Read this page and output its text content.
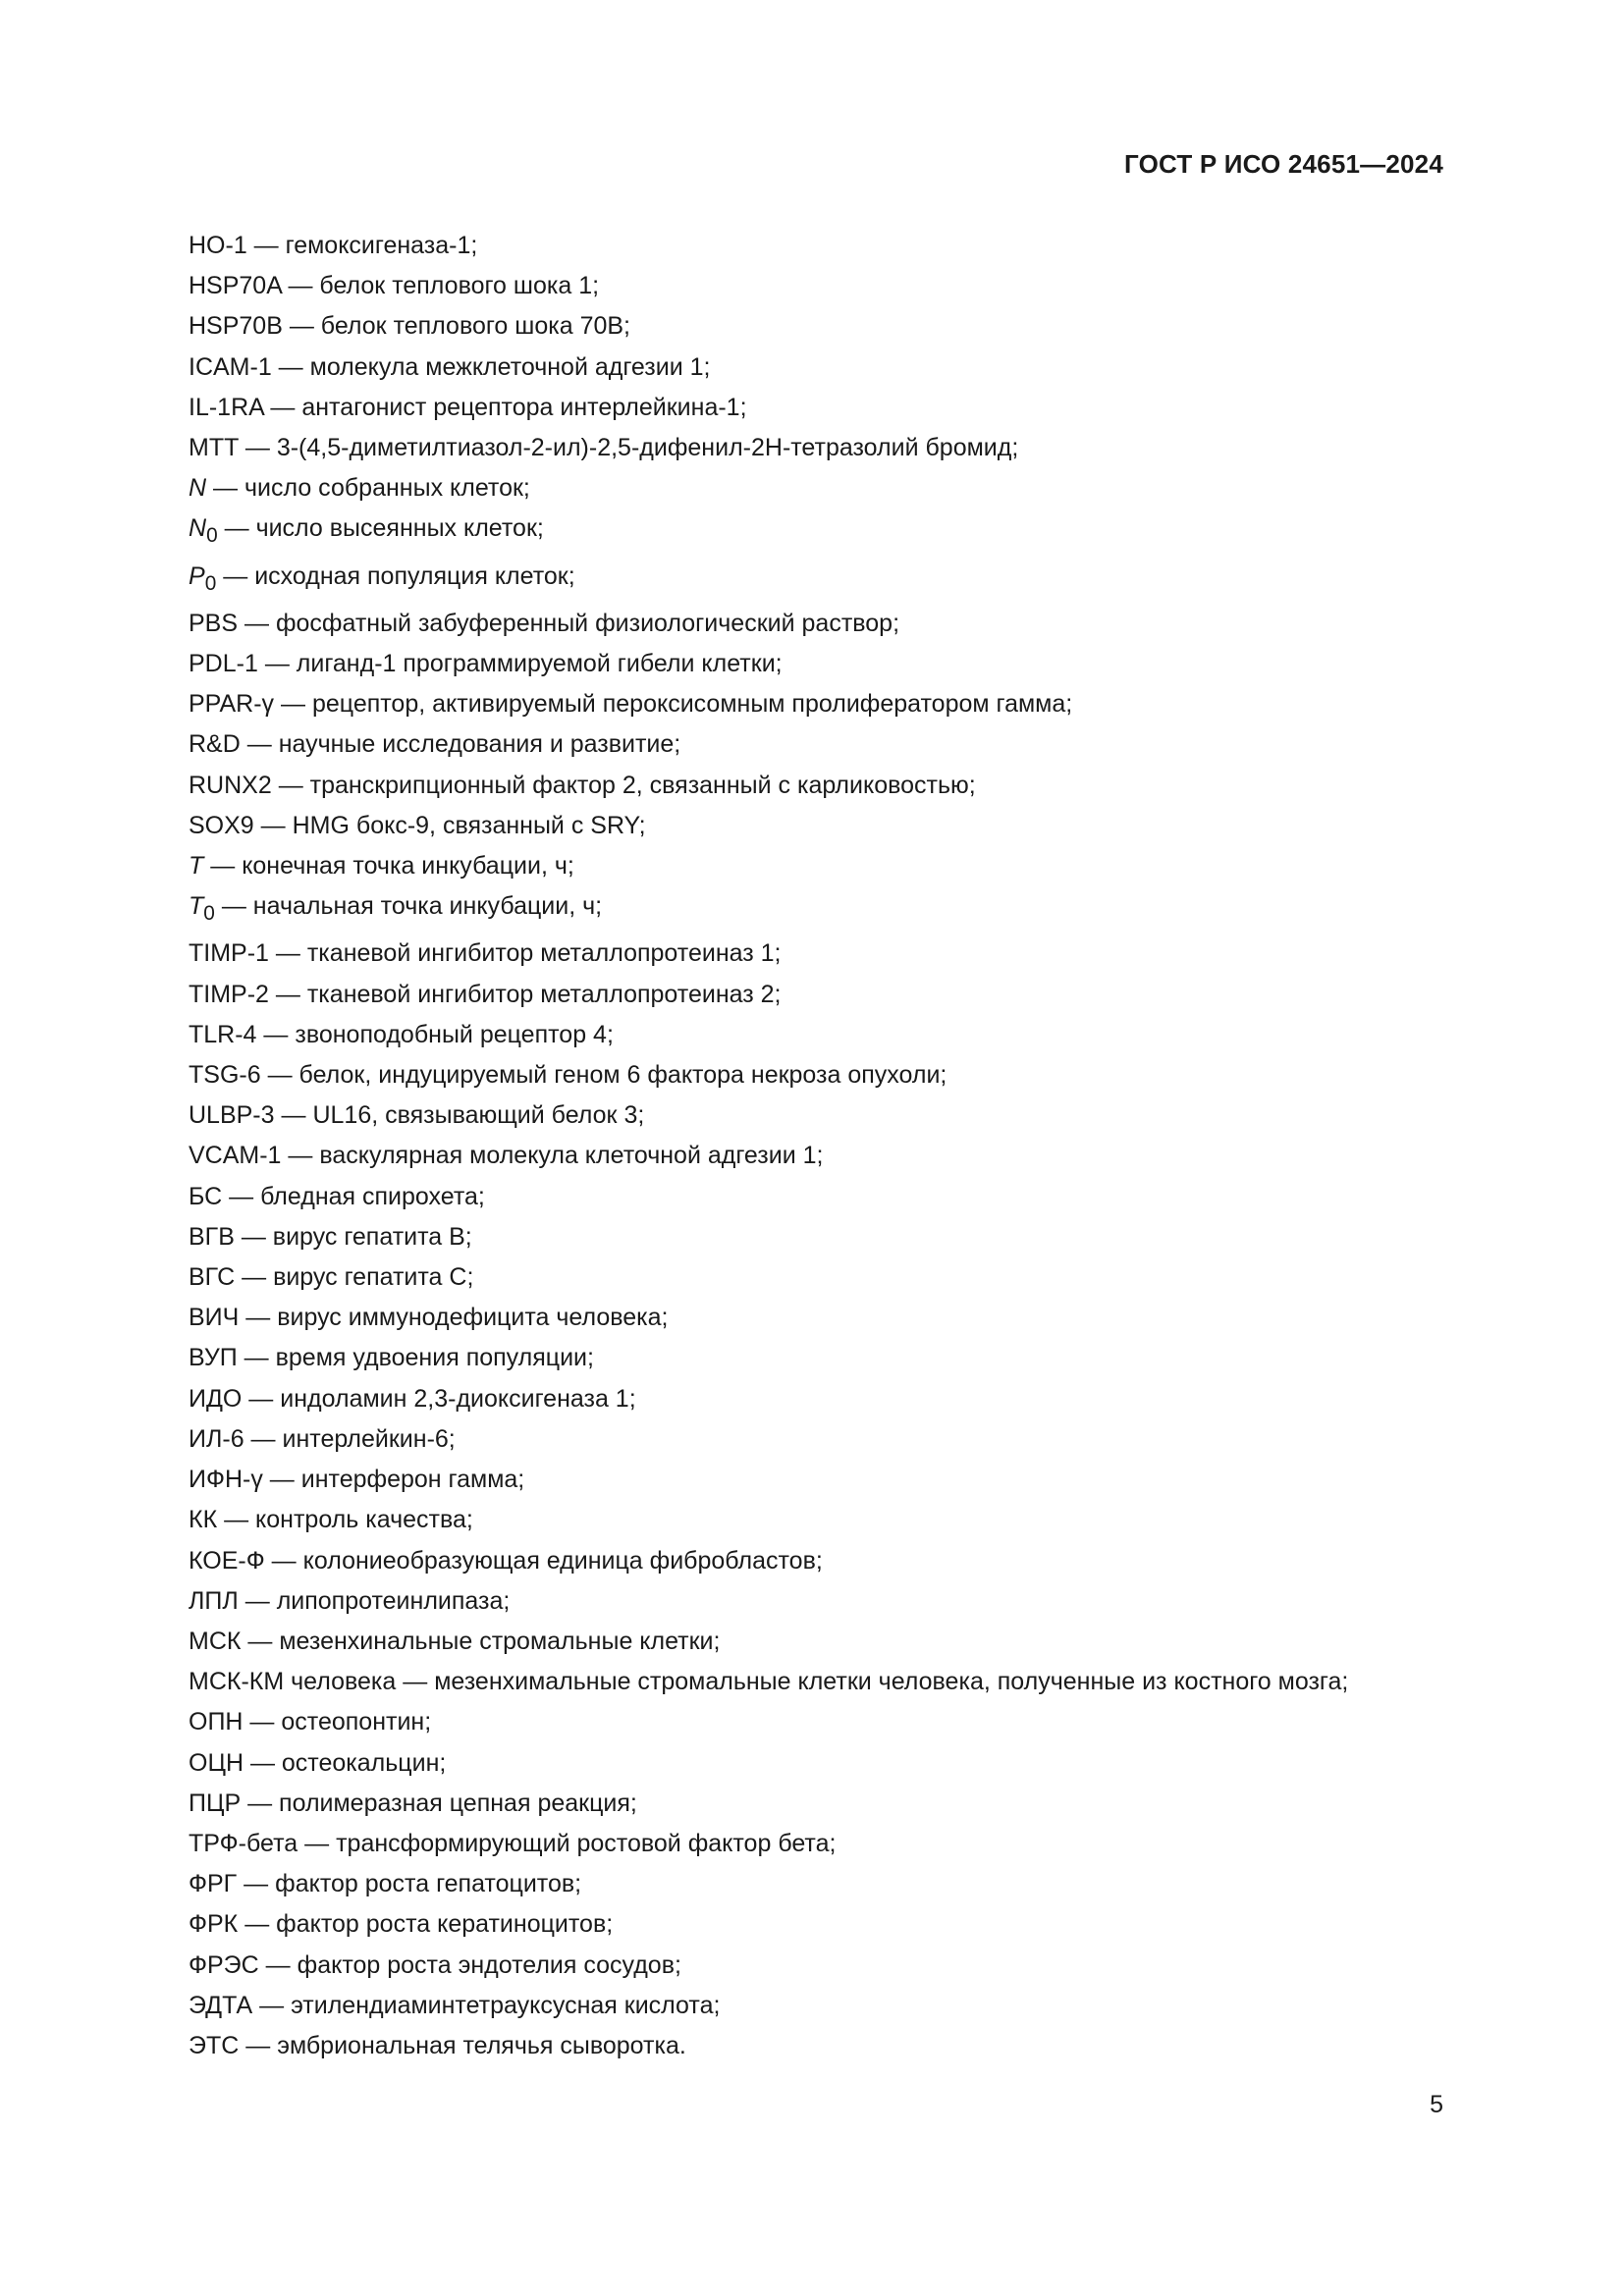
ГОСТ Р ИСО 24651—2024

НО-1 — гемоксигеназа-1;

HSP70A — белок теплового шока 1;

HSP70B — белок теплового шока 70В;

ICAM-1 — молекула межклеточной адгезии 1;

IL-1RA — антагонист рецептора интерлейкина-1;

MTT — 3-(4,5-диметилтиазол-2-ил)-2,5-дифенил-2Н-тетразолий бромид;

N — число собранных клеток;

$N_0$ — число высеянных клеток;

$P_0$ — исходная популяция клеток;

PBS — фосфатный забуференный физиологический раствор;

PDL-1 — лиганд-1 программируемой гибели клетки;

PPAR-γ — рецептор, активируемый пероксисомным пролифератором гамма;

R&D — научные исследования и развитие;

RUNX2 — транскрипционный фактор 2, связанный с карликовостью;

SOX9 — HMG бокс-9, связанный с SRY;

T — конечная точка инкубации, ч;

$T_0$ — начальная точка инкубации, ч;

TIMP-1 — тканевой ингибитор металлопротеиназ 1;

TIMP-2 — тканевой ингибитор металлопротеиназ 2;

TLR-4 — звоноподобный рецептор 4;

TSG-6 — белок, индуцируемый геном 6 фактора некроза опухоли;

ULBP-3 — UL16, связывающий белок 3;

VCAM-1 — васкулярная молекула клеточной адгезии 1;

БС — бледная спирохета;

ВГВ — вирус гепатита В;

ВГС — вирус гепатита С;

ВИЧ — вирус иммунодефицита человека;

ВУП — время удвоения популяции;

ИДО — индоламин 2,3-диоксигеназа 1;

ИЛ-6 — интерлейкин-6;

ИФН-γ — интерферон гамма;

КК — контроль качества;

КОЕ-Ф — колониеобразующая единица фибробластов;

ЛПЛ — липопротеинлипаза;

МСК — мезенхинальные стромальные клетки;

МСК-КМ человека — мезенхимальные стромальные клетки человека, полученные из костного мозга;

ОПН — остеопонтин;

ОЦН — остеокальцин;

ПЦР — полимеразная цепная реакция;

ТРФ-бета — трансформирующий ростовой фактор бета;

ФРГ — фактор роста гепатоцитов;

ФРК — фактор роста кератиноцитов;

ФРЭС — фактор роста эндотелия сосудов;

ЭДТА — этилендиаминтетрауксусная кислота;

ЭТС — эмбриональная телячья сыворотка.

5
